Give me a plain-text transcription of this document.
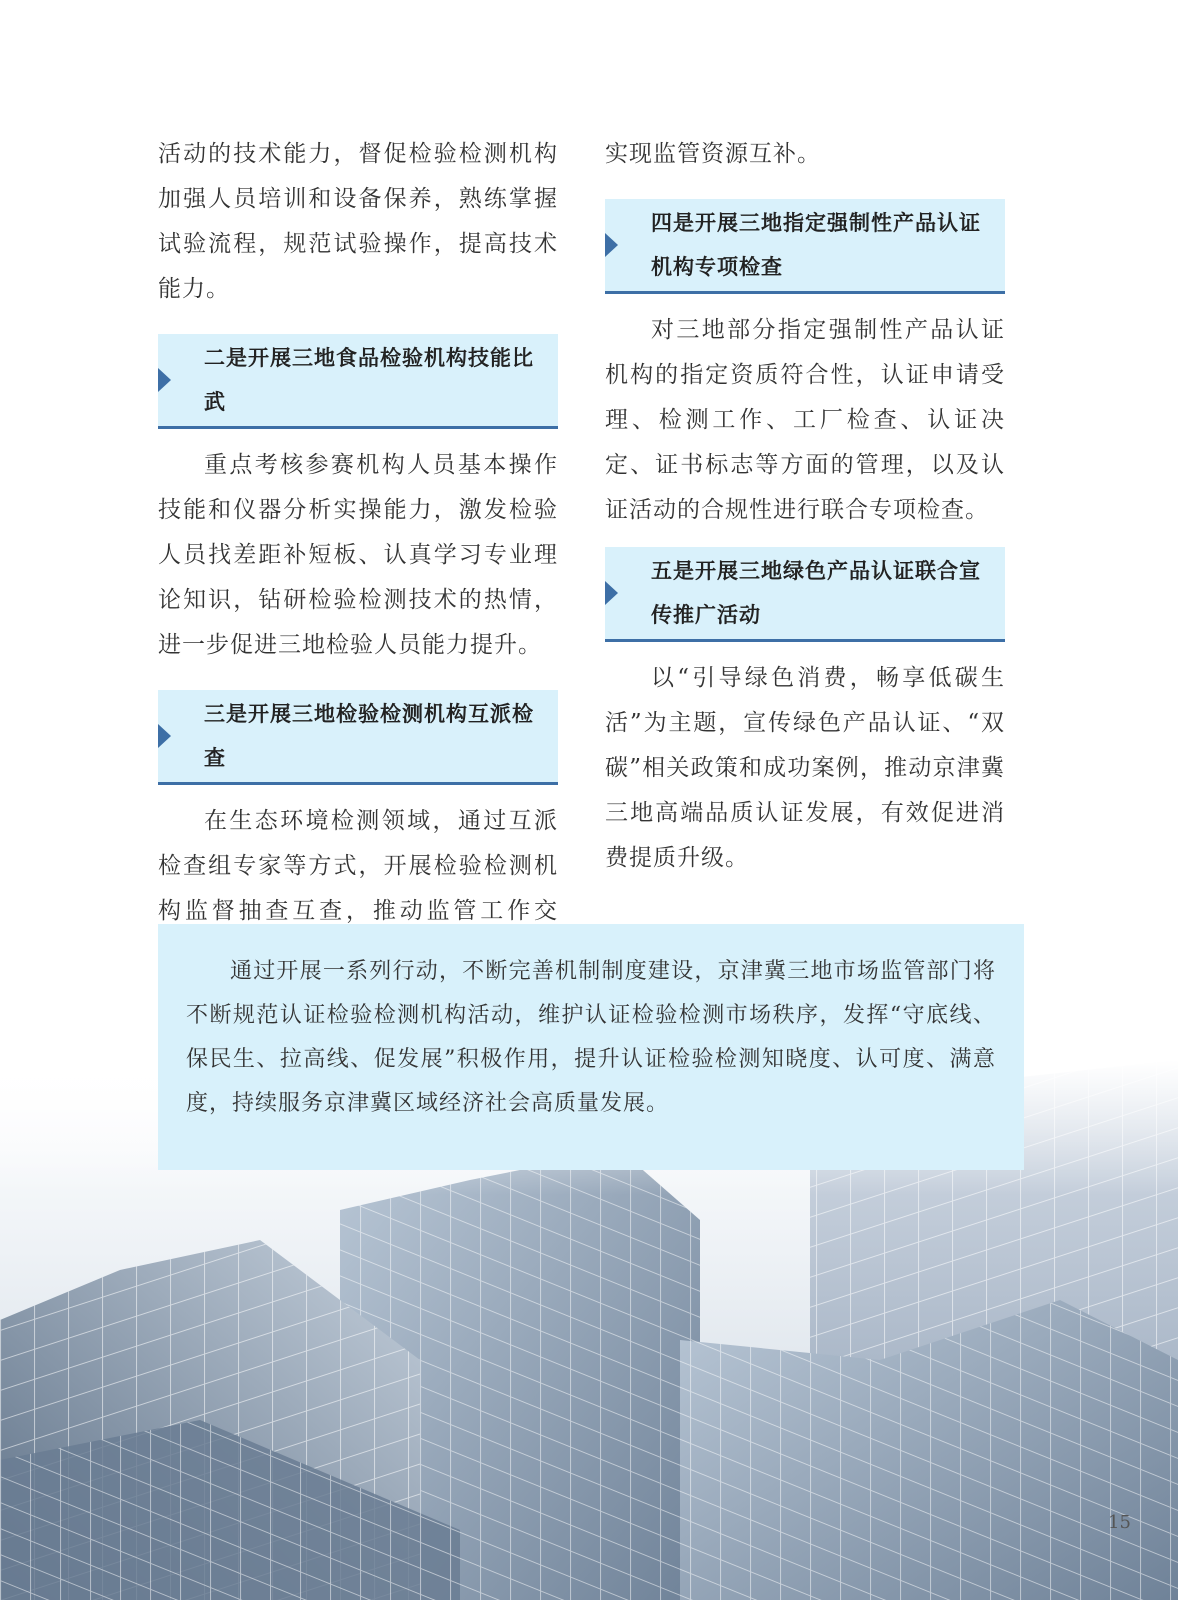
活动的技术能力，督促检验检测机构加强人员培训和设备保养，熟练掌握试验流程，规范试验操作，提高技术能力。

二是开展三地食品检验机构技能比武

重点考核参赛机构人员基本操作技能和仪器分析实操能力，激发检验人员找差距补短板、认真学习专业理论知识，钻研检验检测技术的热情，进一步促进三地检验人员能力提升。

三是开展三地检验检测机构互派检查

在生态环境检测领域，通过互派检查组专家等方式，开展检验检测机构监督抽查互查，推动监管工作交

实现监管资源互补。

四是开展三地指定强制性产品认证机构专项检查

对三地部分指定强制性产品认证机构的指定资质符合性，认证申请受理、检测工作、工厂检查、认证决定、证书标志等方面的管理，以及认证活动的合规性进行联合专项检查。

五是开展三地绿色产品认证联合宣传推广活动

以“引导绿色消费，畅享低碳生活”为主题，宣传绿色产品认证、“双碳”相关政策和成功案例，推动京津冀三地高端品质认证发展，有效促进消费提质升级。

通过开展一系列行动，不断完善机制制度建设，京津冀三地市场监管部门将不断规范认证检验检测机构活动，维护认证检验检测市场秩序，发挥“守底线、保民生、拉高线、促发展”积极作用，提升认证检验检测知晓度、认可度、满意度，持续服务京津冀区域经济社会高质量发展。

15
